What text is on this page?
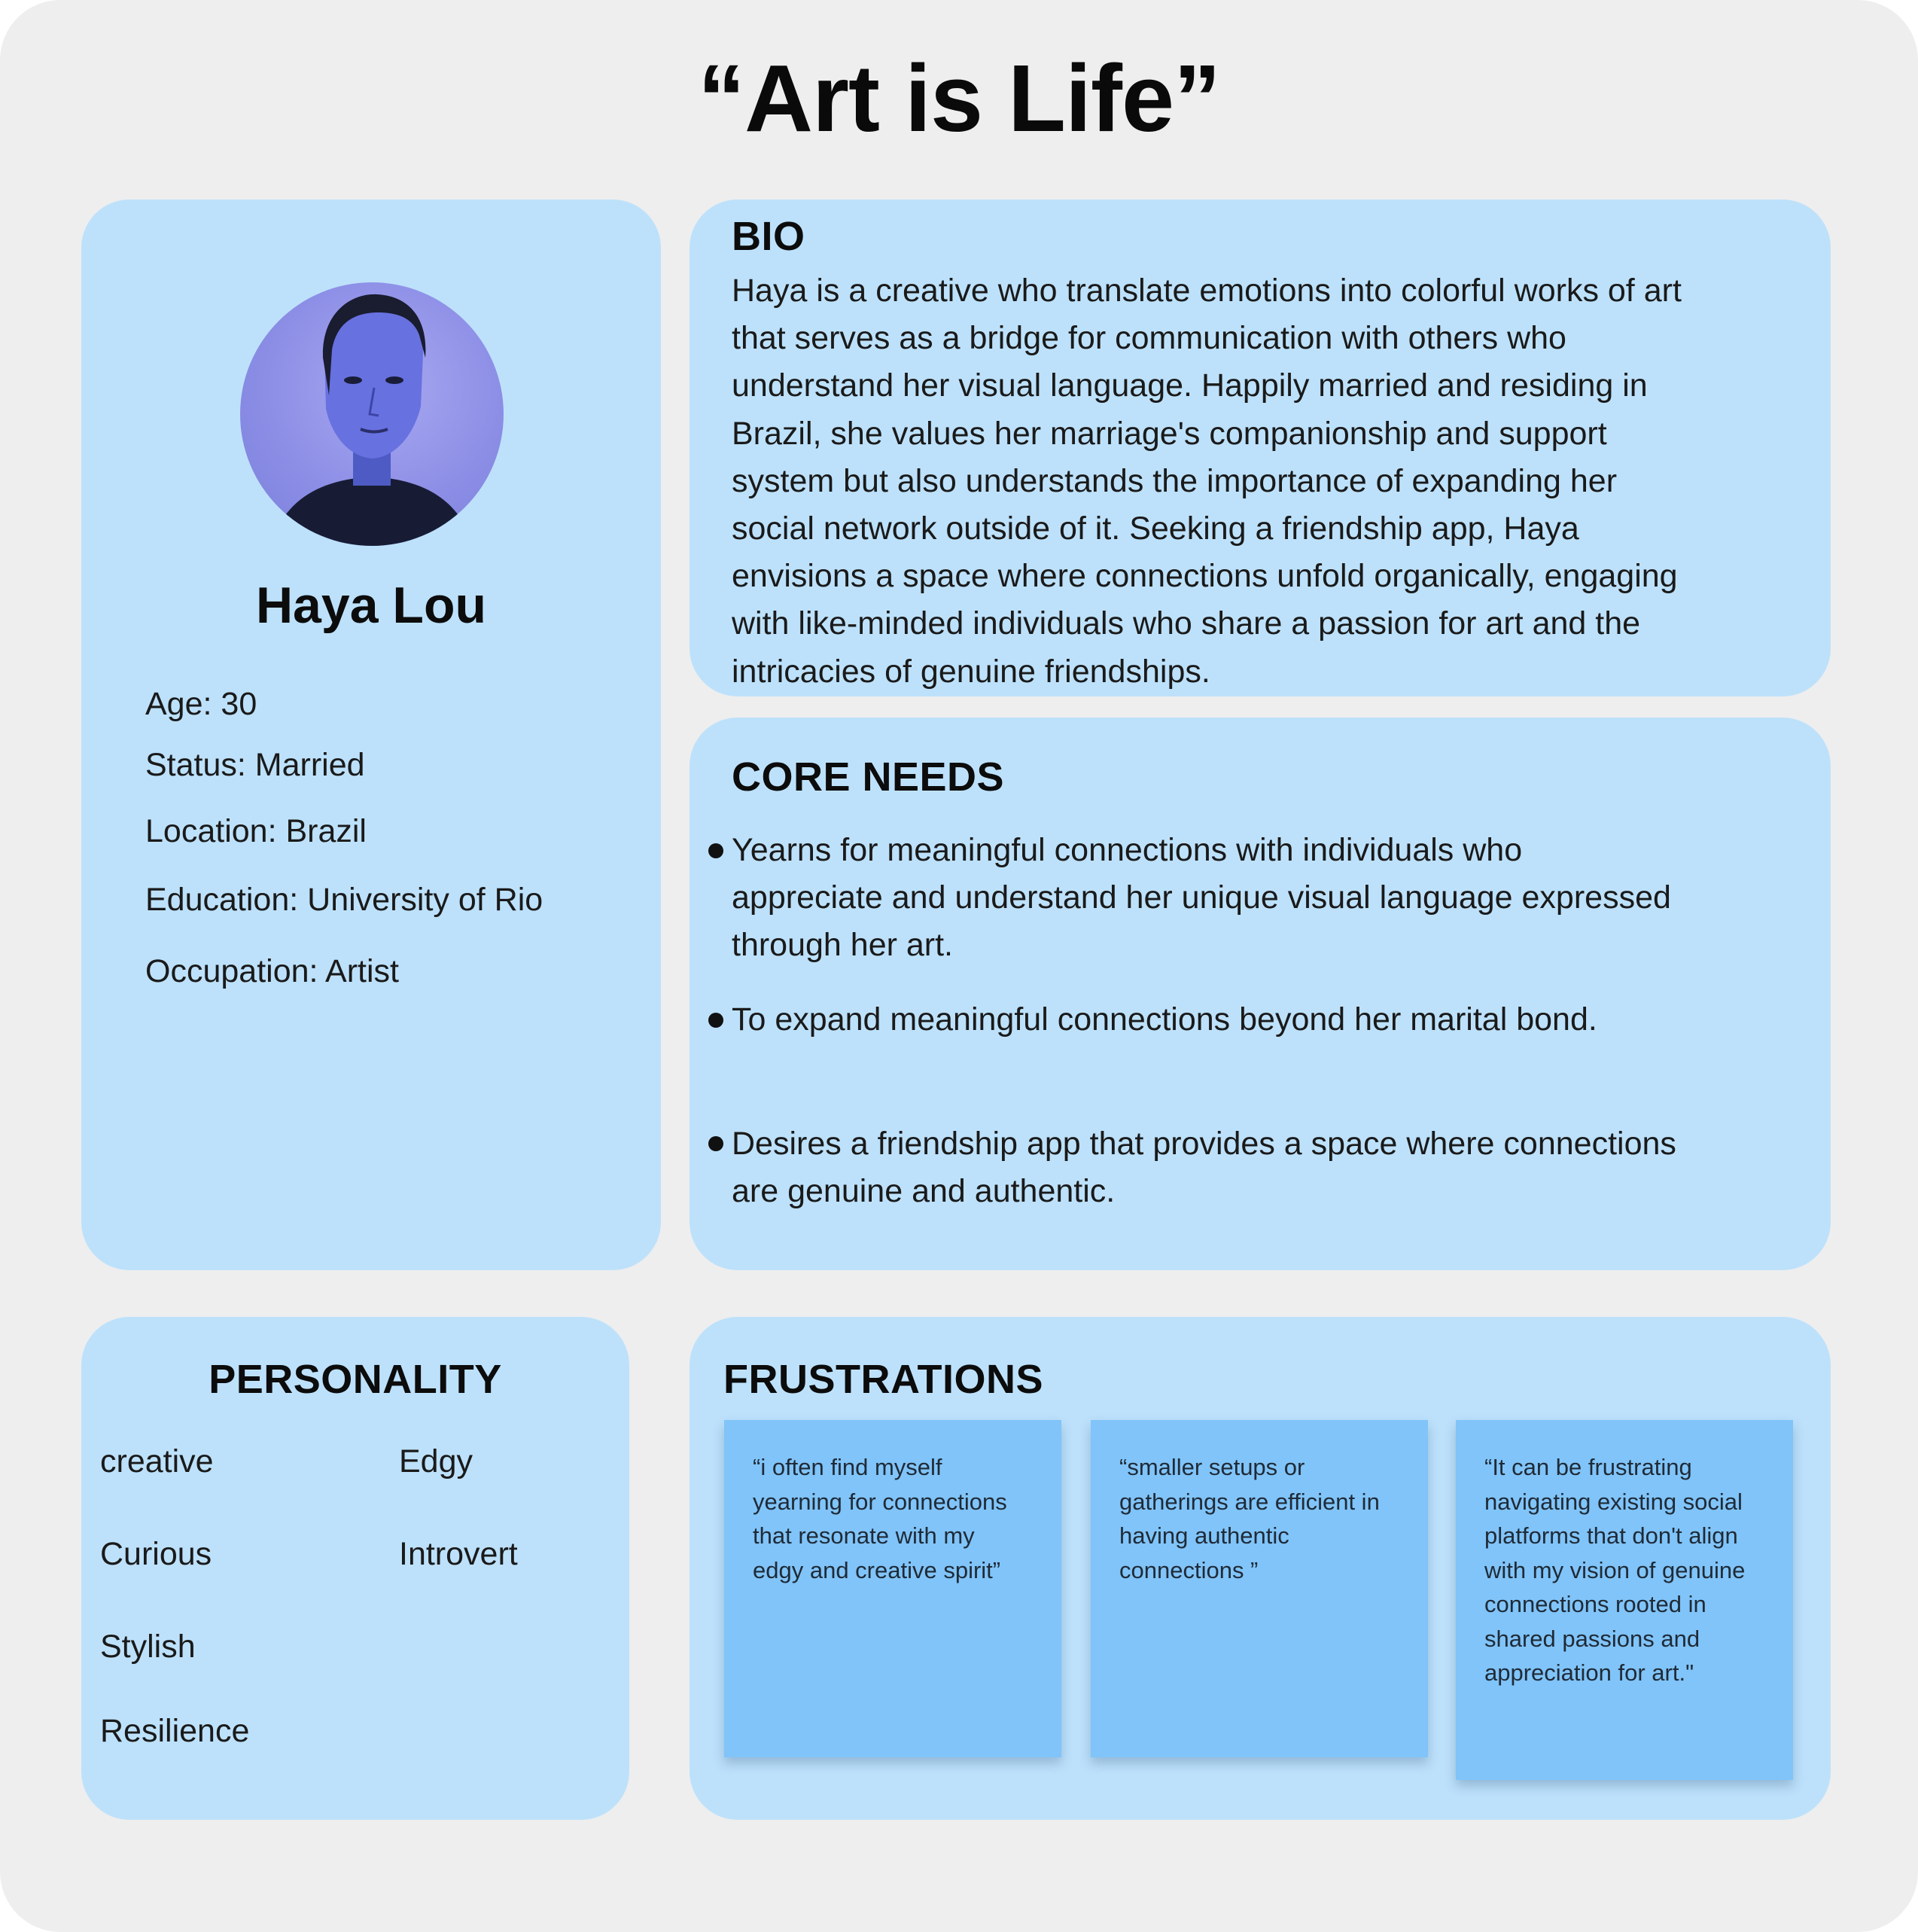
“Art is Life”
Haya Lou
Age: 30
Status: Married
Location: Brazil
Education: University of Rio
Occupation: Artist
BIO
Haya is a creative who translate emotions into colorful works of art
that serves as a bridge for communication with others who
understand her visual language. Happily married and residing in
Brazil, she values her marriage's companionship and support
system but also understands the importance of expanding her
social network outside of it. Seeking a friendship app, Haya
envisions a space where connections unfold organically, engaging
with like-minded individuals who share a passion for art and the
intricacies of genuine friendships.
CORE NEEDS
Yearns for meaningful connections with individuals who
appreciate and understand her unique visual language expressed
through her art.
To expand meaningful connections beyond her marital bond.
Desires a friendship app that provides a space where connections
are genuine and authentic.
PERSONALITY
creative	Edgy
Curious	Introvert
Stylish
Resilience
FRUSTRATIONS
“i often find myself
yearning for connections
that resonate with my
edgy and creative spirit”
“smaller setups or
gatherings are efficient in
having authentic
connections ”
“It can be frustrating
navigating existing social
platforms that don't align
with my vision of genuine
connections rooted in
shared passions and
appreciation for art."
